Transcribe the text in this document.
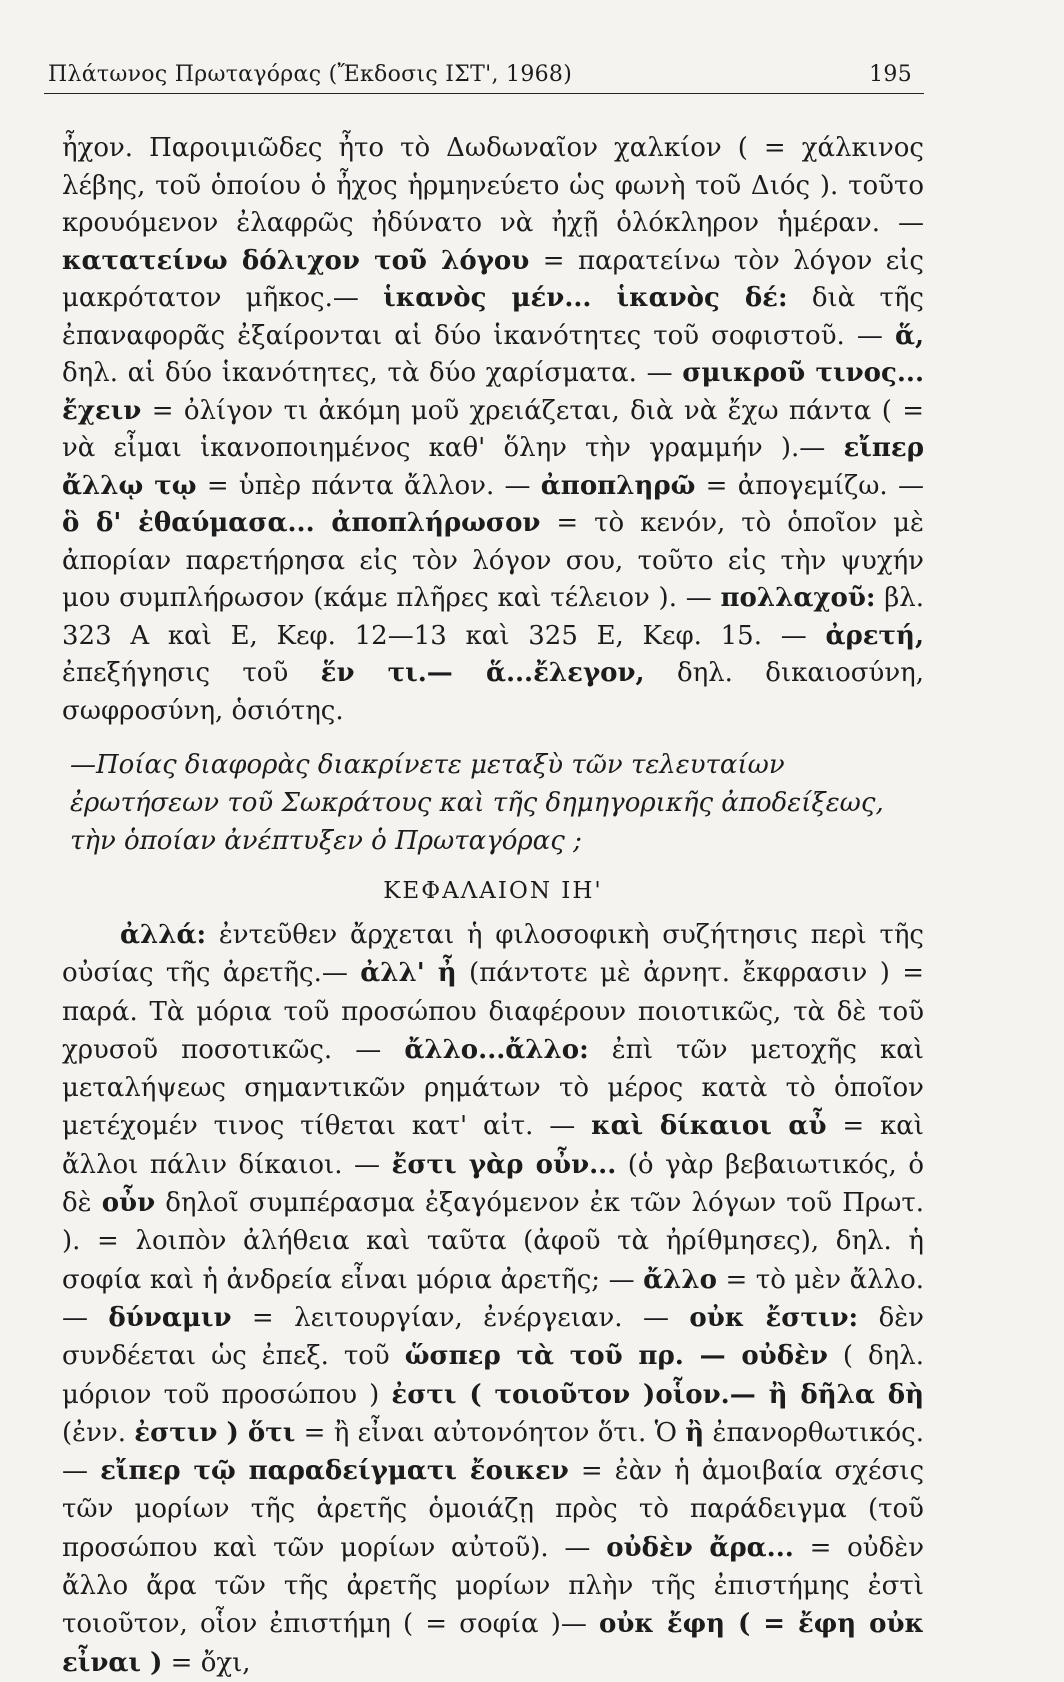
Πλάτωνος Πρωταγόρας (Ἔκδοσις ΙΣΤ', 1968)	195

ἦχον. Παροιμιῶδες ἦτο τὸ Δωδωναῖον χαλκίον ( = χάλκινος λέβης, τοῦ ὁποίου ὁ ἦχος ἡρμηνεύετο ὡς φωνὴ τοῦ Διός ). τοῦτο κρουόμενον ἐλαφρῶς ἠδύνατο νὰ ἠχῇ ὁλόκληρον ἡμέραν. — κατατείνω δόλιχον τοῦ λόγου = παρατείνω τὸν λόγον εἰς μακρότατον μῆκος.— ἱκανὸς μέν... ἱκανὸς δέ: διὰ τῆς ἐπαναφορᾶς ἐξαίρονται αἱ δύο ἱκανότητες τοῦ σοφιστοῦ. — ἅ, δηλ. αἱ δύο ἱκανότητες, τὰ δύο χαρίσματα. — σμικροῦ τινος... ἔχειν = ὀλίγον τι ἀκόμη μοῦ χρειάζεται, διὰ νὰ ἔχω πάντα ( = νὰ εἶμαι ἱκανοποιημένος καθ' ὅλην τὴν γραμμήν ).— εἴπερ ἄλλῳ τῳ = ὑπὲρ πάντα ἄλλον. — ἀποπληρῶ = ἀπογεμίζω. — ὃ δ' ἐθαύμασα... ἀποπλήρωσον = τὸ κενόν, τὸ ὁποῖον μὲ ἀπορίαν παρετήρησα εἰς τὸν λόγον σου, τοῦτο εἰς τὴν ψυχήν μου συμπλήρωσον (κάμε πλῆρες καὶ τέλειον ). — πολλαχοῦ: βλ. 323 Α καὶ Ε, Κεφ. 12—13 καὶ 325 Ε, Κεφ. 15. — ἀρετή, ἐπεξήγησις τοῦ ἕν τι.— ἅ...ἔλεγον, δηλ. δικαιοσύνη, σωφροσύνη, ὁσιότης.

—Ποίας διαφορὰς διακρίνετε μεταξὺ τῶν τελευταίων ἐρωτήσεων τοῦ Σωκράτους καὶ τῆς δημηγορικῆς ἀποδείξεως, τὴν ὁποίαν ἀνέπτυξεν ὁ Πρωταγόρας ;

ΚΕΦΑΛΑΙΟΝ ΙΗ'

ἀλλά: ἐντεῦθεν ἄρχεται ἡ φιλοσοφικὴ συζήτησις περὶ τῆς οὐσίας τῆς ἀρετῆς.— ἀλλ' ἦ (πάντοτε μὲ ἀρνητ. ἔκφρασιν ) = παρά. Τὰ μόρια τοῦ προσώπου διαφέρουν ποιοτικῶς, τὰ δὲ τοῦ χρυσοῦ ποσοτικῶς. — ἄλλο...ἄλλο: ἐπὶ τῶν μετοχῆς καὶ μεταλήψεως σημαντικῶν ρημάτων τὸ μέρος κατὰ τὸ ὁποῖον μετέχομέν τινος τίθεται κατ' αἰτ. — καὶ δίκαιοι αὖ = καὶ ἄλλοι πάλιν δίκαιοι. — ἔστι γὰρ οὖν... (ὁ γὰρ βεβαιωτικός, ὁ δὲ οὖν δηλοῖ συμπέρασμα ἐξαγόμενον ἐκ τῶν λόγων τοῦ Πρωτ. ). = λοιπὸν ἀλήθεια καὶ ταῦτα (ἀφοῦ τὰ ἠρίθμησες), δηλ. ἡ σοφία καὶ ἡ ἀνδρεία εἶναι μόρια ἀρετῆς; — ἄλλο = τὸ μὲν ἄλλο.— δύναμιν = λειτουργίαν, ἐνέργειαν. — οὐκ ἔστιν: δὲν συνδέεται ὡς ἐπεξ. τοῦ ὥσπερ τὰ τοῦ πρ. — οὐδὲν ( δηλ. μόριον τοῦ προσώπου ) ἐστι ( τοιοῦτον )οἷον.— ἢ δῆλα δὴ (ἐνν. ἐστιν ) ὅτι = ἢ εἶναι αὐτονόητον ὅτι. Ὁ ἢ ἐπανορθωτικός. — εἴπερ τῷ παραδείγματι ἔοικεν = ἐὰν ἡ ἀμοιβαία σχέσις τῶν μορίων τῆς ἀρετῆς ὁμοιάζῃ πρὸς τὸ παράδειγμα (τοῦ προσώπου καὶ τῶν μορίων αὐτοῦ). — οὐδὲν ἄρα... = οὐδὲν ἄλλο ἄρα τῶν τῆς ἀρετῆς μορίων πλὴν τῆς ἐπιστήμης ἐστὶ τοιοῦτον, οἷον ἐπιστήμη ( = σοφία )— οὐκ ἔφη ( = ἔφη οὐκ εἶναι ) = ὄχι,
